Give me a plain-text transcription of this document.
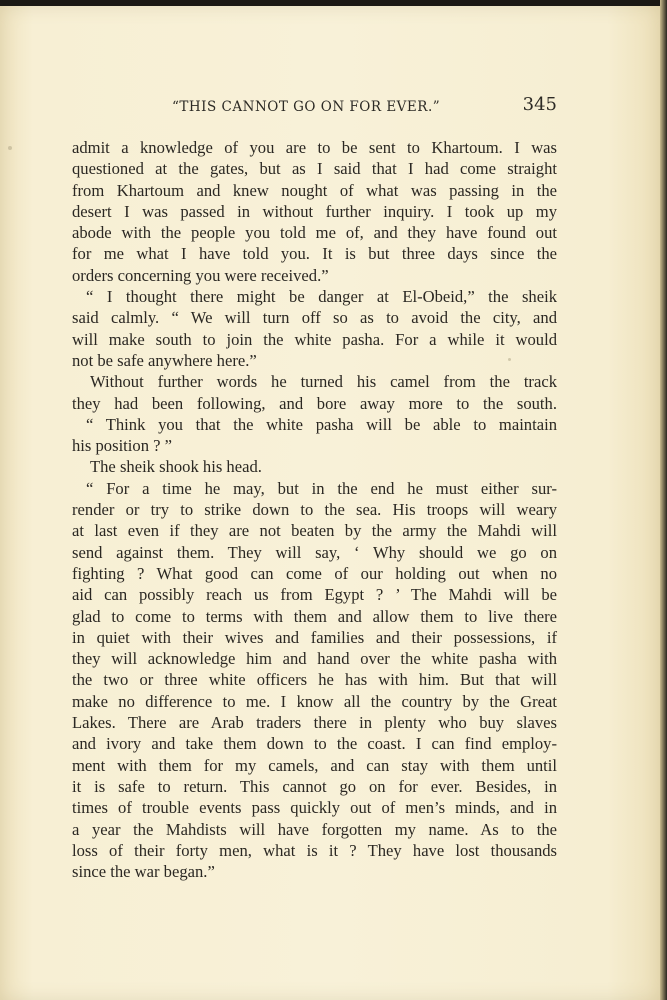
“THIS CANNOT GO ON FOR EVER.”	345
admit a knowledge of you are to be sent to Khartoum. I was
questioned at the gates, but as I said that I had come straight
from Khartoum and knew nought of what was passing in the
desert I was passed in without further inquiry. I took up my
abode with the people you told me of, and they have found out
for me what I have told you. It is but three days since the
orders concerning you were received.”
“ I thought there might be danger at El-Obeid,” the sheik
said calmly. “ We will turn off so as to avoid the city, and
will make south to join the white pasha. For a while it would
not be safe anywhere here.”
Without further words he turned his camel from the track
they had been following, and bore away more to the south.
“ Think you that the white pasha will be able to maintain
his position ? ”
The sheik shook his head.
“ For a time he may, but in the end he must either sur-
render or try to strike down to the sea. His troops will weary
at last even if they are not beaten by the army the Mahdi will
send against them. They will say, ‘ Why should we go on
fighting ? What good can come of our holding out when no
aid can possibly reach us from Egypt ? ’ The Mahdi will be
glad to come to terms with them and allow them to live there
in quiet with their wives and families and their possessions, if
they will acknowledge him and hand over the white pasha with
the two or three white officers he has with him. But that will
make no difference to me. I know all the country by the Great
Lakes. There are Arab traders there in plenty who buy slaves
and ivory and take them down to the coast. I can find employ-
ment with them for my camels, and can stay with them until
it is safe to return. This cannot go on for ever. Besides, in
times of trouble events pass quickly out of men’s minds, and in
a year the Mahdists will have forgotten my name. As to the
loss of their forty men, what is it ? They have lost thousands
since the war began.”
